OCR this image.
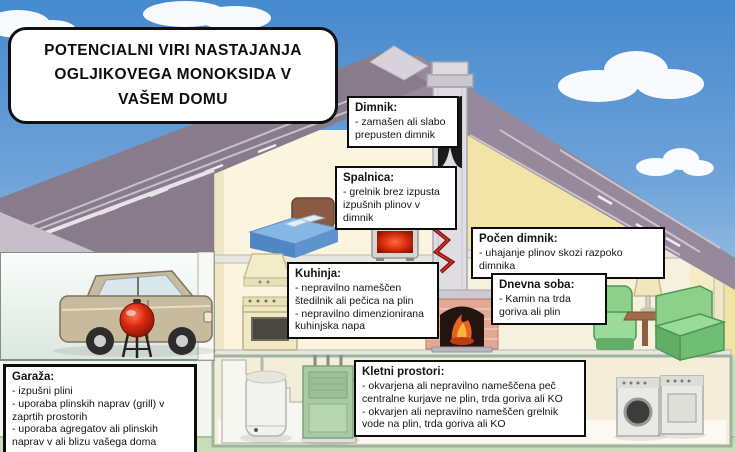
POTENCIALNI VIRI NASTAJANJA OGLJIKOVEGA MONOKSIDA V VAŠEM DOMU
Dimnik:
- zamašen ali slabo prepusten dimnik
Spalnica:
- grelnik brez izpusta izpušnih plinov v dimnik
Počen dimnik:
- uhajanje plinov skozi razpoko dimnika
Kuhinja:
- nepravilno nameščen štedilnik ali pečica na plin
- nepravilno dimenzionirana kuhinjska napa
Dnevna soba:
- Kamin na trda goriva ali plin
Garaža:
- izpušni plini
- uporaba plinskih naprav (grill) v zaprtih prostorih
- uporaba agregatov ali plinskih naprav v ali blizu vašega doma
Kletni prostori:
- okvarjena ali nepravilno nameščena peč centralne kurjave ne plin, trda goriva ali KO
- okvarjen ali nepravilno nameščen grelnik vode na plin, trda goriva ali KO
